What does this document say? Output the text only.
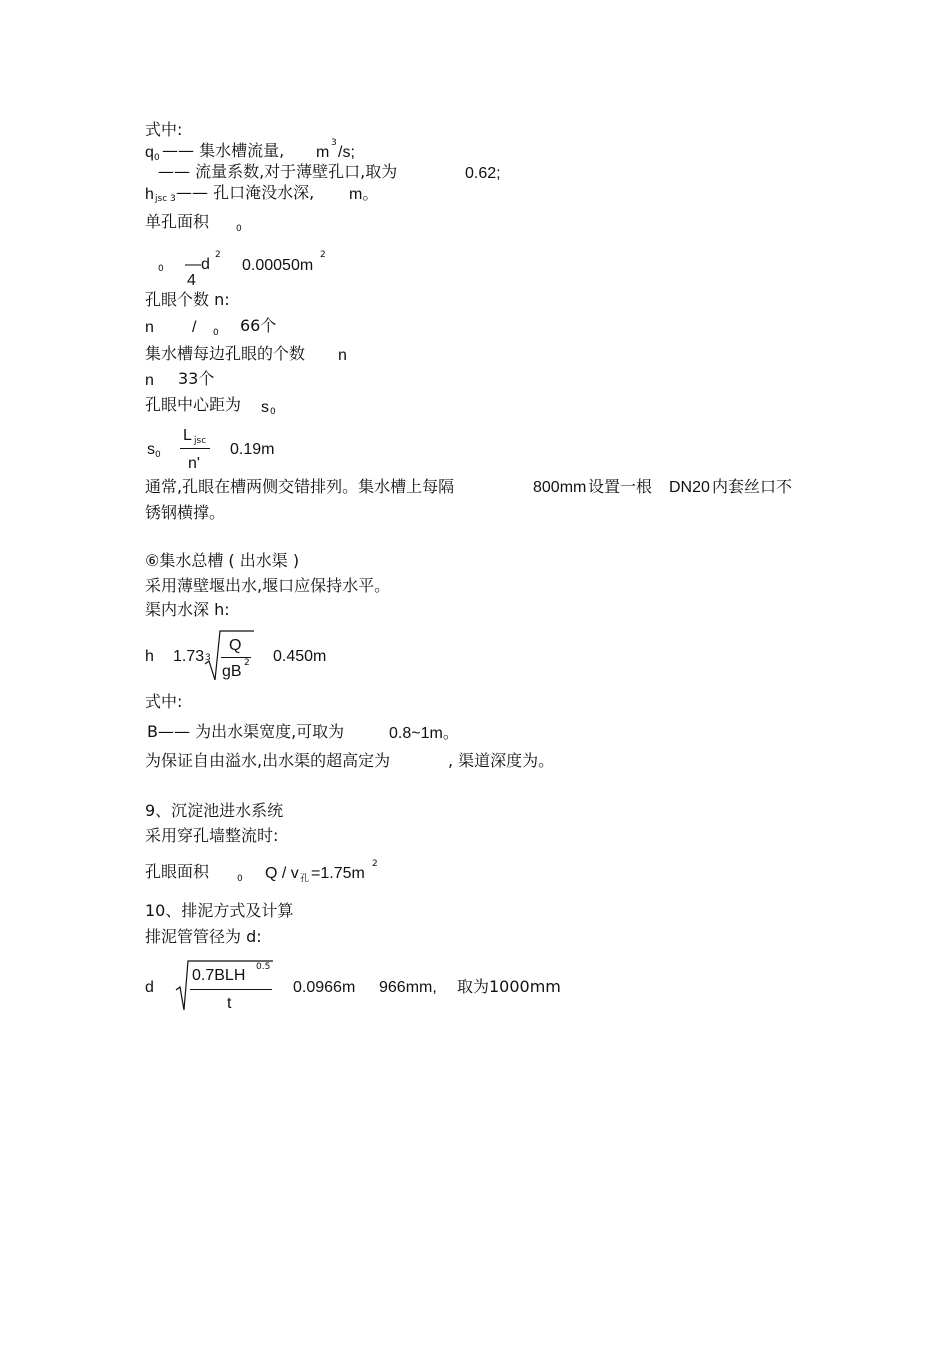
式中:
q 0 —— 集水槽流量, m
3
/s;
—— 流量系数,对于薄壁孔口,取为	0.62;
h jsc 3 —— 孔口淹没水深, m。
单孔面积	0
0 —d
2
4
0.00050m
2
孔眼个数 n:
n / 0 66个
集水槽每边孔眼的个数 n
n 33个
孔眼中心距为 s 0
s 0
L jsc
n'
0.19m
通常,孔眼在槽两侧交错排列。集水槽上每隔	800mm 设置一根 DN20 内套丝口不
锈钢横撑。
⑥集水总槽 ( 出水渠 )
采用薄壁堰出水,堰口应保持水平。
渠内水深 h:
h 1.73 3
Q
gB 2 0.450m
式中:
B—— 为出水渠宽度,可取为	0.8~1m。
为保证自由溢水,出水渠的超高定为	, 渠道深度为。
9、沉淀池进水系统
采用穿孔墙整流时:
孔眼面积	0 Q / v 孔 =1.75m
2
10、排泥方式及计算
排泥管管径为 d:
d
0.7BLH 0.5
t
0.0966m 966mm, 取为1000mm
